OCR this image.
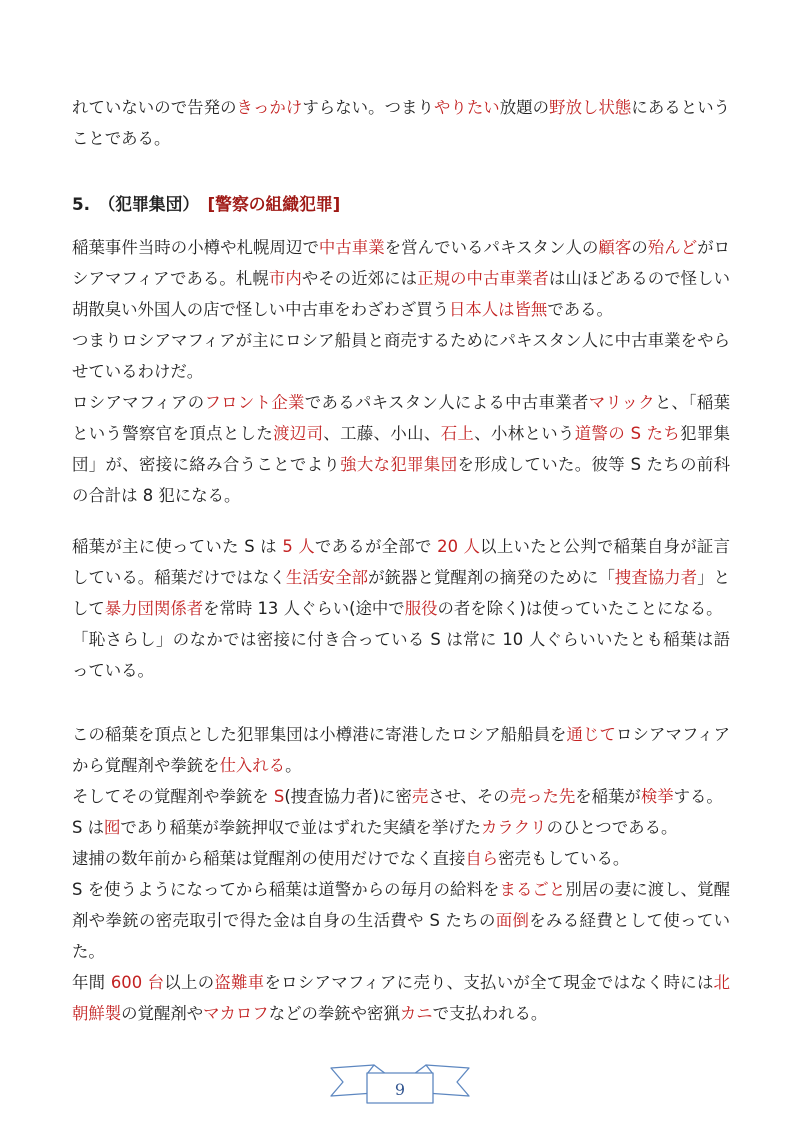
れていないので告発のきっかけすらない。つまりやりたい放題の野放し状態にあるということである。

5.　（犯罪集団）　[警察の組織犯罪]

稲葉事件当時の小樽や札幌周辺で中古車業を営んでいるパキスタン人の顧客の殆んどがロシアマフィアである。札幌市内やその近郊には正規の中古車業者は山ほどあるので怪しい胡散臭い外国人の店で怪しい中古車をわざわざ買う日本人は皆無である。

つまりロシアマフィアが主にロシア船員と商売するためにパキスタン人に中古車業をやらせているわけだ。

ロシアマフィアのフロント企業であるパキスタン人による中古車業者マリックと、「稲葉という警察官を頂点とした渡辺司、工藤、小山、石上、小林という道警の S たち犯罪集団」が、密接に絡み合うことでより強大な犯罪集団を形成していた。彼等 S たちの前科の合計は 8 犯になる。

稲葉が主に使っていた S は 5 人であるが全部で 20 人以上いたと公判で稲葉自身が証言している。稲葉だけではなく生活安全部が銃器と覚醒剤の摘発のために「捜査協力者」として暴力団関係者を常時 13 人ぐらい(途中で服役の者を除く)は使っていたことになる。

「恥さらし」のなかでは密接に付き合っている S は常に 10 人ぐらいいたとも稲葉は語っている。

この稲葉を頂点とした犯罪集団は小樽港に寄港したロシア船船員を通じてロシアマフィアから覚醒剤や拳銃を仕入れる。

そしてその覚醒剤や拳銃を S(捜査協力者)に密売させ、その売った先を稲葉が検挙する。

S は囮であり稲葉が拳銃押収で並はずれた実績を挙げたカラクリのひとつである。

逮捕の数年前から稲葉は覚醒剤の使用だけでなく直接自ら密売もしている。

S を使うようになってから稲葉は道警からの毎月の給料をまるごと別居の妻に渡し、覚醒剤や拳銃の密売取引で得た金は自身の生活費や S たちの面倒をみる経費として使っていた。

年間 600 台以上の盗難車をロシアマフィアに売り、支払いが全て現金ではなく時には北朝鮮製の覚醒剤やマカロフなどの拳銃や密猟カニで支払われる。

9
